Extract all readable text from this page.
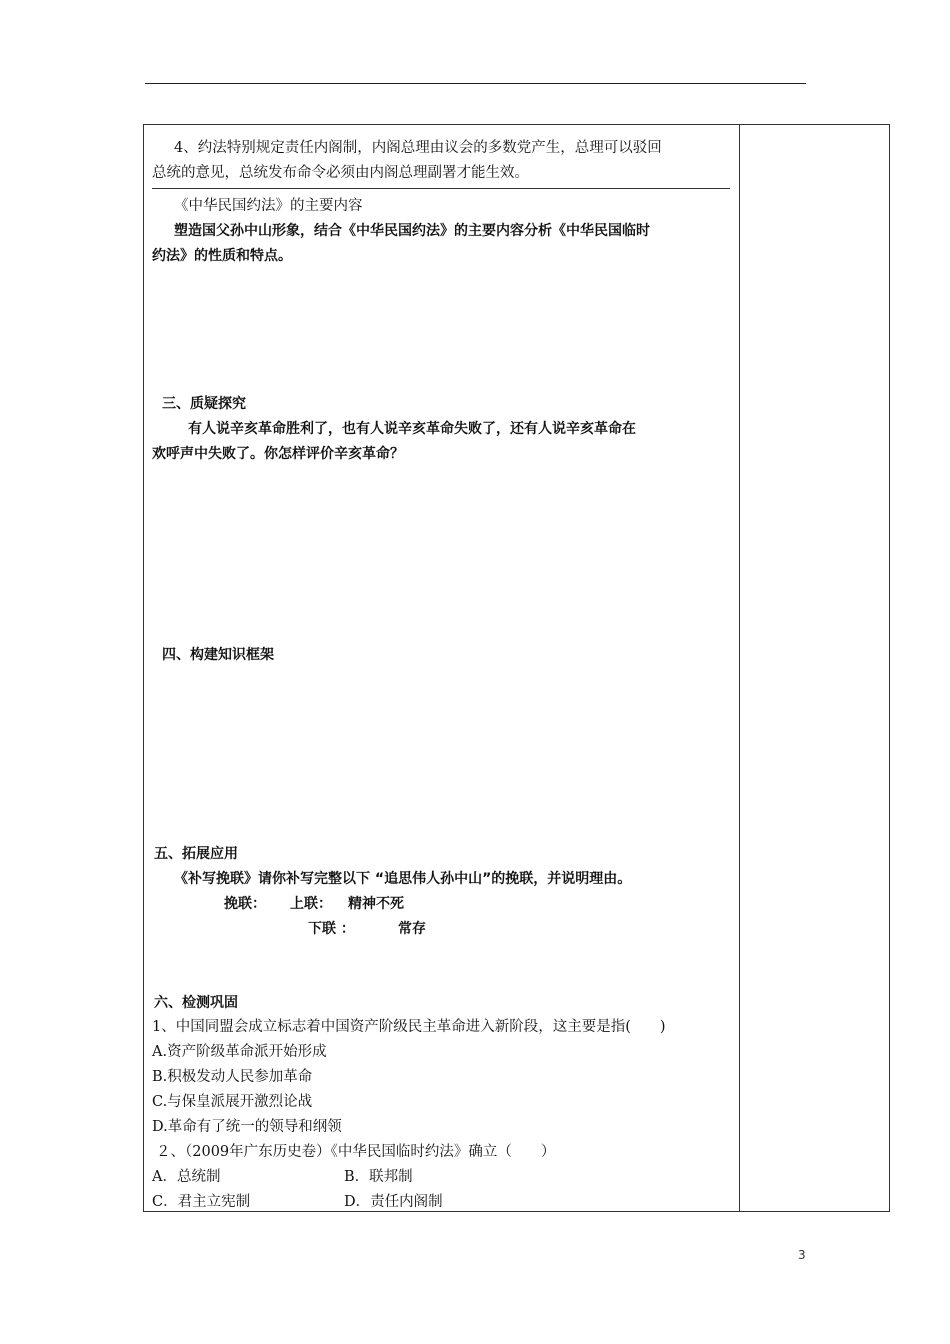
4、约法特别规定责任内阁制，内阁总理由议会的多数党产生，总理可以驳回
总统的意见，总统发布命令必须由内阁总理副署才能生效。
《中华民国约法》的主要内容
塑造国父孙中山形象，结合《中华民国约法》的主要内容分析《中华民国临时
约法》的性质和特点。
三、质疑探究
有人说辛亥革命胜利了，也有人说辛亥革命失败了，还有人说辛亥革命在
欢呼声中失败了。你怎样评价辛亥革命？
四、构建知识框架
五、拓展应用
《补写挽联》请你补写完整以下 “追思伟人孙中山”的挽联，并说明理由。
挽联： 上联： 精神不死
下联 ：	常存
六、检测巩固
1、中国同盟会成立标志着中国资产阶级民主革命进入新阶段，这主要是指(　　)
A.资产阶级革命派开始形成
B.积极发动人民参加革命
C.与保皇派展开激烈论战
D.革命有了统一的领导和纲领
２、（2009年广东历史卷）《中华民国临时约法》确立（　　）
A．总统制	B．联邦制
C．君主立宪制	D．责任内阁制
3
